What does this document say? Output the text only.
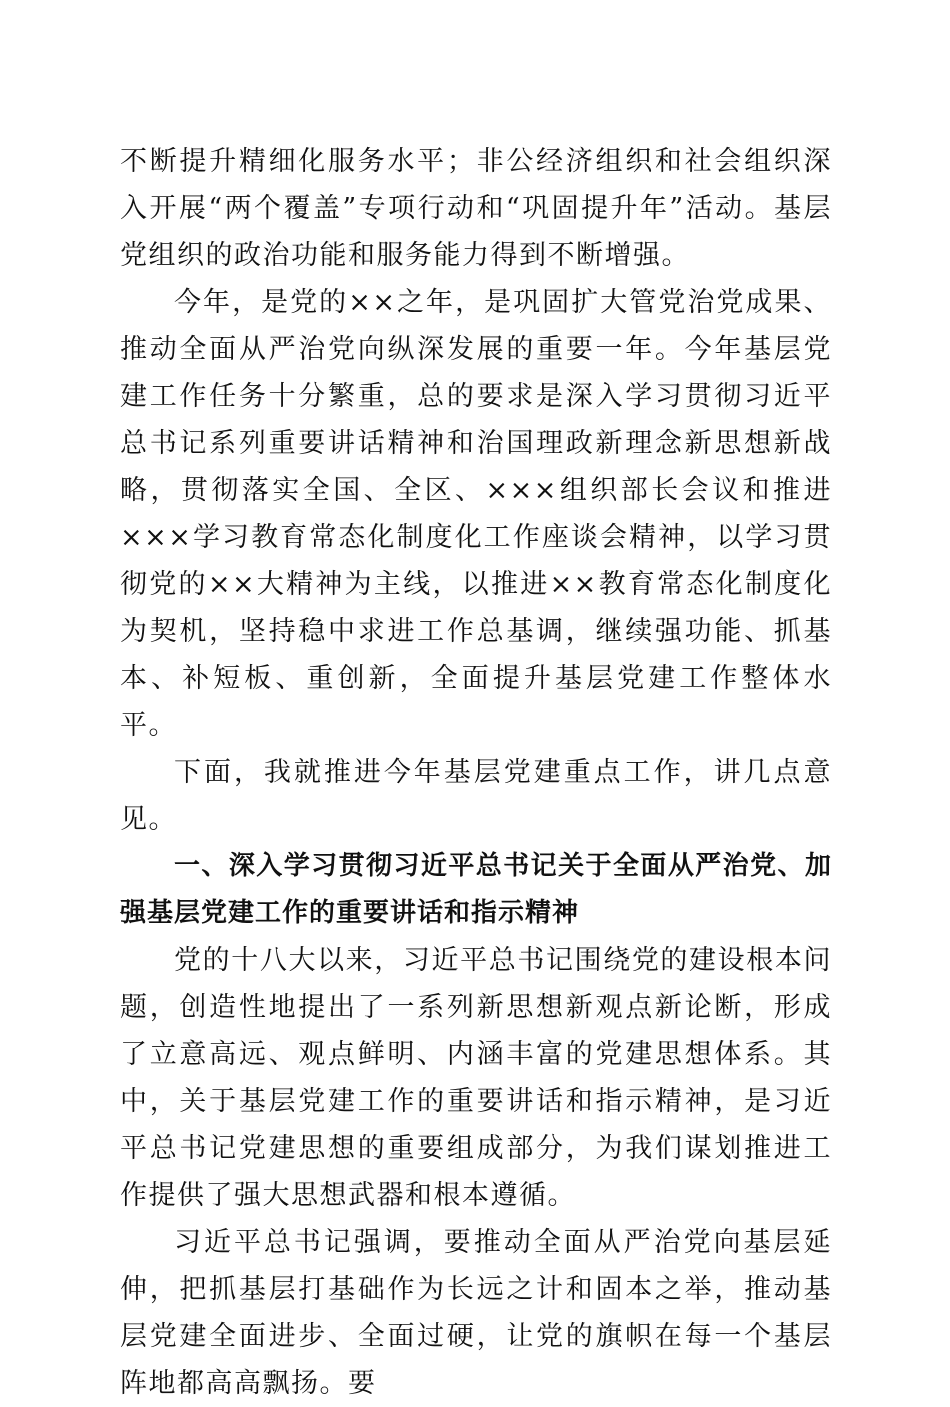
不断提升精细化服务水平；非公经济组织和社会组织深入开展“两个覆盖”专项行动和“巩固提升年”活动。基层党组织的政治功能和服务能力得到不断增强。

今年，是党的××之年，是巩固扩大管党治党成果、推动全面从严治党向纵深发展的重要一年。今年基层党建工作任务十分繁重，总的要求是深入学习贯彻习近平总书记系列重要讲话精神和治国理政新理念新思想新战略，贯彻落实全国、全区、×××组织部长会议和推进×××学习教育常态化制度化工作座谈会精神，以学习贯彻党的××大精神为主线，以推进××教育常态化制度化为契机，坚持稳中求进工作总基调，继续强功能、抓基本、补短板、重创新，全面提升基层党建工作整体水平。

下面，我就推进今年基层党建重点工作，讲几点意见。

一、深入学习贯彻习近平总书记关于全面从严治党、加强基层党建工作的重要讲话和指示精神

党的十八大以来，习近平总书记围绕党的建设根本问题，创造性地提出了一系列新思想新观点新论断，形成了立意高远、观点鲜明、内涵丰富的党建思想体系。其中，关于基层党建工作的重要讲话和指示精神，是习近平总书记党建思想的重要组成部分，为我们谋划推进工作提供了强大思想武器和根本遵循。

习近平总书记强调，要推动全面从严治党向基层延伸，把抓基层打基础作为长远之计和固本之举，推动基层党建全面进步、全面过硬，让党的旗帜在每一个基层阵地都高高飘扬。要
